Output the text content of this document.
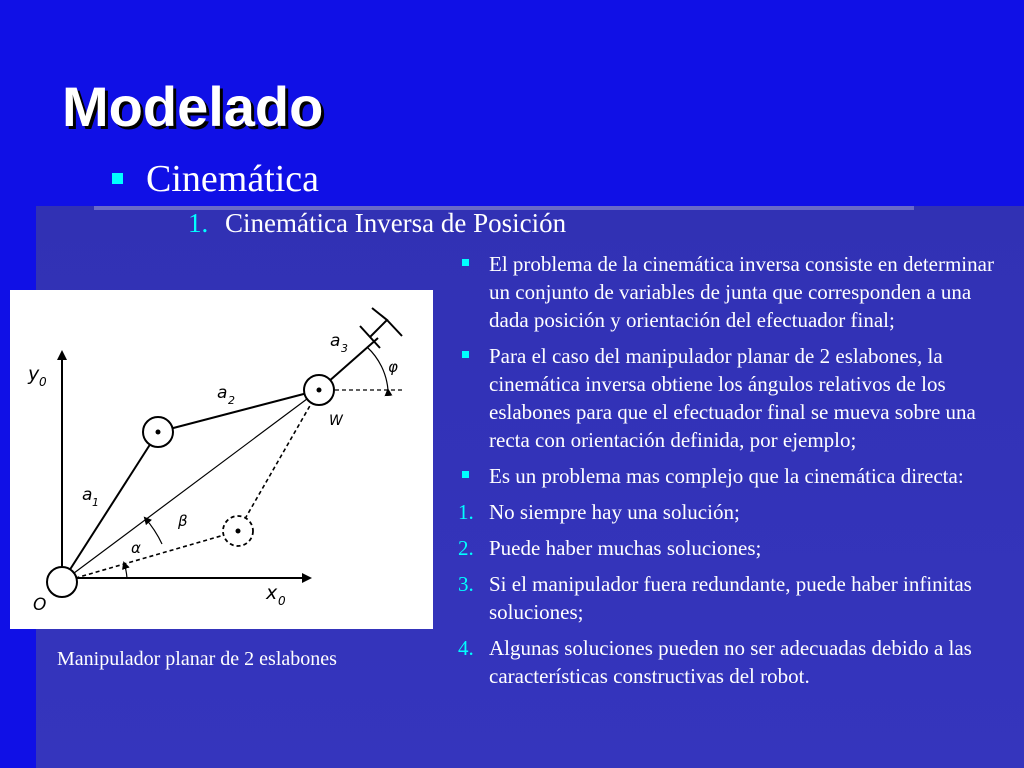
Modelado
Cinemática
1. Cinemática Inversa de Posición
y 0
x 0
O
a 1
a 2
a 3
W
φ
α
β
Manipulador planar de 2 eslabones
El problema de la cinemática inversa consiste en determinar un conjunto de variables de junta que corresponden a una dada posición y orientación del efectuador final;
Para el caso del manipulador planar de 2 eslabones, la cinemática inversa obtiene los ángulos relativos de los eslabones para que el efectuador final se mueva sobre una recta con orientación definida, por ejemplo;
Es un problema mas complejo que la cinemática directa:
1. No siempre hay una solución;
2. Puede haber muchas soluciones;
3. Si el manipulador fuera redundante, puede haber infinitas soluciones;
4. Algunas soluciones pueden no ser adecuadas debido a las características constructivas del robot.
